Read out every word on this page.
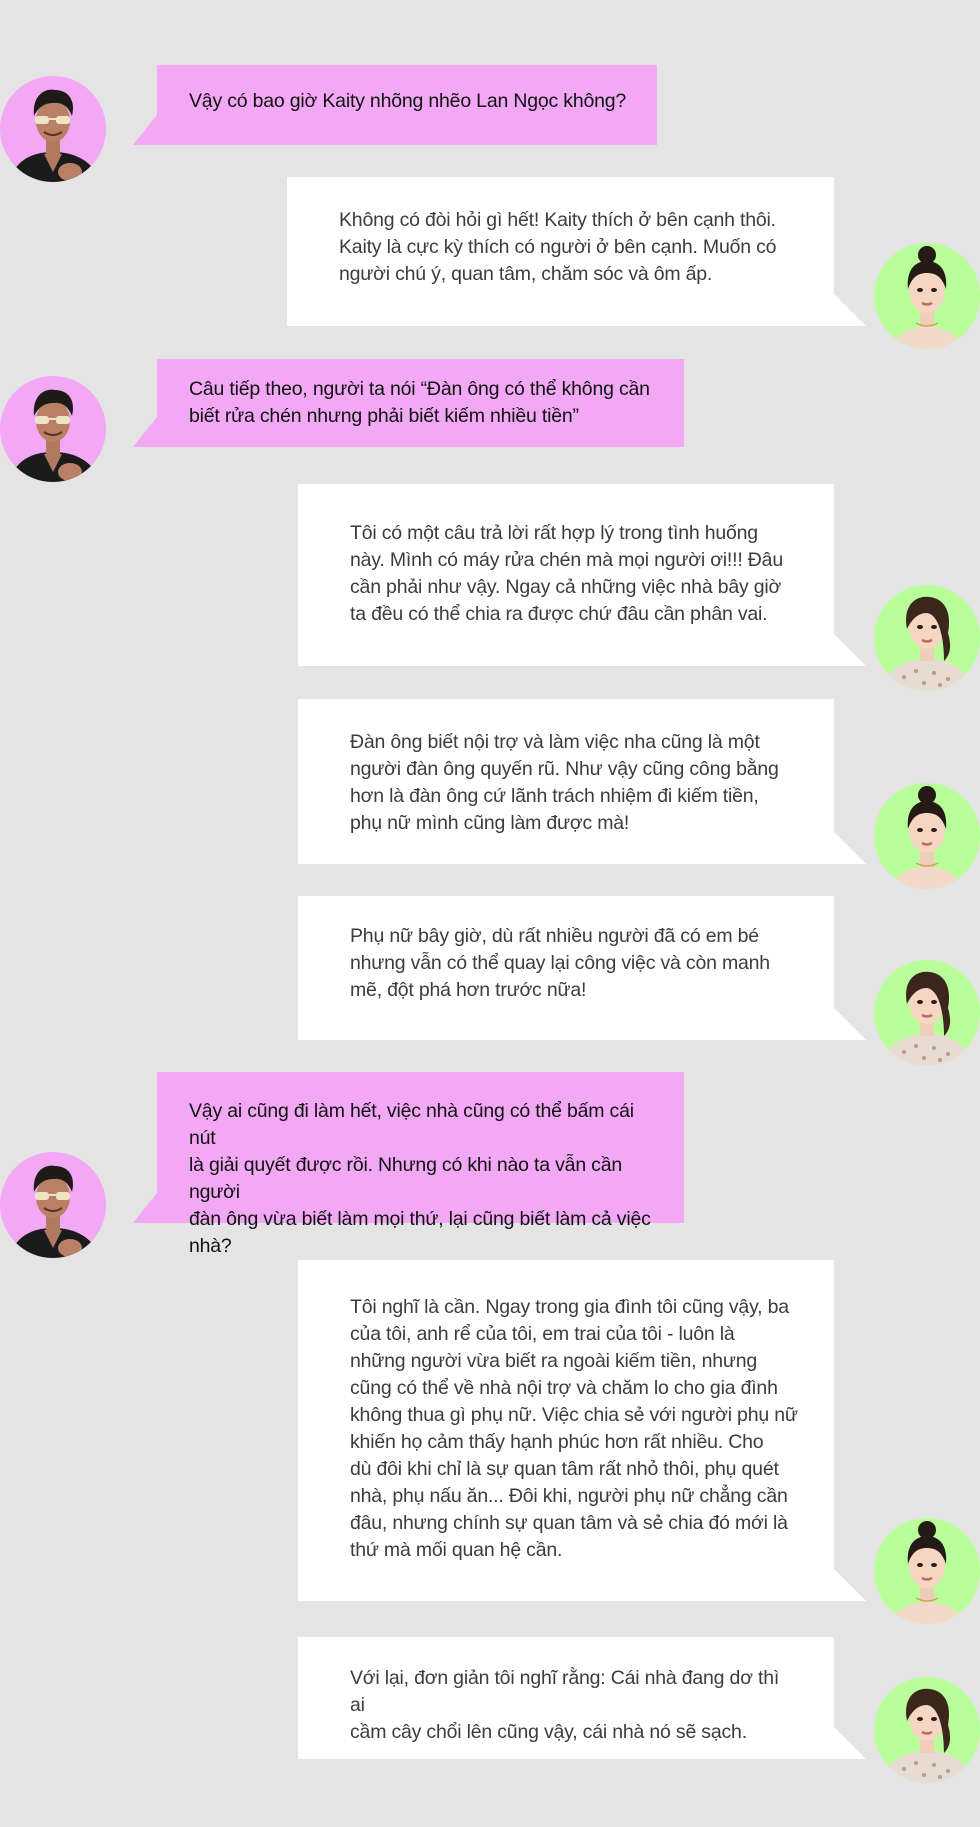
Vậy có bao giờ Kaity nhõng nhẽo Lan Ngọc không?
Không có đòi hỏi gì hết! Kaity thích ở bên cạnh thôi.
Kaity là cực kỳ thích có người ở bên cạnh. Muốn có
người chú ý, quan tâm, chăm sóc và ôm ấp.
Câu tiếp theo, người ta nói “Đàn ông có thể không cần
biết rửa chén nhưng phải biết kiếm nhiều tiền”
Tôi có một câu trả lời rất hợp lý trong tình huống
này. Mình có máy rửa chén mà mọi người ơi!!! Đâu
cần phải như vậy. Ngay cả những việc nhà bây giờ
ta đều có thể chia ra được chứ đâu cần phân vai.
Đàn ông biết nội trợ và làm việc nha cũng là một
người đàn ông quyến rũ. Như vậy cũng công bằng
hơn là đàn ông cứ lãnh trách nhiệm đi kiếm tiền,
phụ nữ mình cũng làm được mà!
Phụ nữ bây giờ, dù rất nhiều người đã có em bé
nhưng vẫn có thể quay lại công việc và còn manh
mẽ, đột phá hơn trước nữa!
Vậy ai cũng đi làm hết, việc nhà cũng có thể bấm cái nút
là giải quyết được rồi. Nhưng có khi nào ta vẫn cần người
đàn ông vừa biết làm mọi thứ, lại cũng biết làm cả việc
nhà?
Tôi nghĩ là cần. Ngay trong gia đình tôi cũng vậy, ba
của tôi, anh rể của tôi, em trai của tôi - luôn là
những người vừa biết ra ngoài kiếm tiền, nhưng
cũng có thể về nhà nội trợ và chăm lo cho gia đình
không thua gì phụ nữ. Việc chia sẻ với người phụ nữ
khiến họ cảm thấy hạnh phúc hơn rất nhiều. Cho
dù đôi khi chỉ là sự quan tâm rất nhỏ thôi, phụ quét
nhà, phụ nấu ăn... Đôi khi, người phụ nữ chẳng cần
đâu, nhưng chính sự quan tâm và sẻ chia đó mới là
thứ mà mối quan hệ cần.
Với lại, đơn giản tôi nghĩ rằng: Cái nhà đang dơ thì ai
cầm cây chổi lên cũng vậy, cái nhà nó sẽ sạch.
